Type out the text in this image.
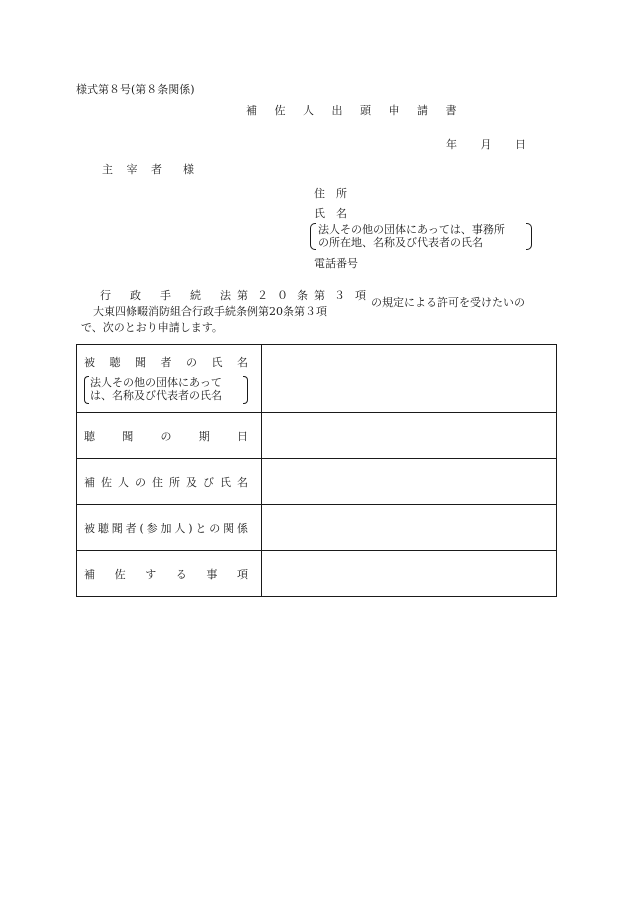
様式第８号(第８条関係)
補 佐 人 出 頭 申 請 書
年 月 日
主 宰 者 様
住 所
氏 名
法人その他の団体にあっては、事務所
の所在地、名称及び代表者の氏名
電話番号
行 政 手 続 法 第 ２ ０ 条 第 ３ 項
大東四條畷消防組合行政手続条例第20条第３項
の規定による許可を受けたいの
で、次のとおり申請します。
被 聴 聞 者 の 氏 名
法人その他の団体にあって
は、名称及び代表者の氏名	

聴 聞 の 期 日	

補 佐 人 の 住 所 及 び 氏 名	

被聴聞者(参加人)との関係	

補 佐 す る 事 項	
